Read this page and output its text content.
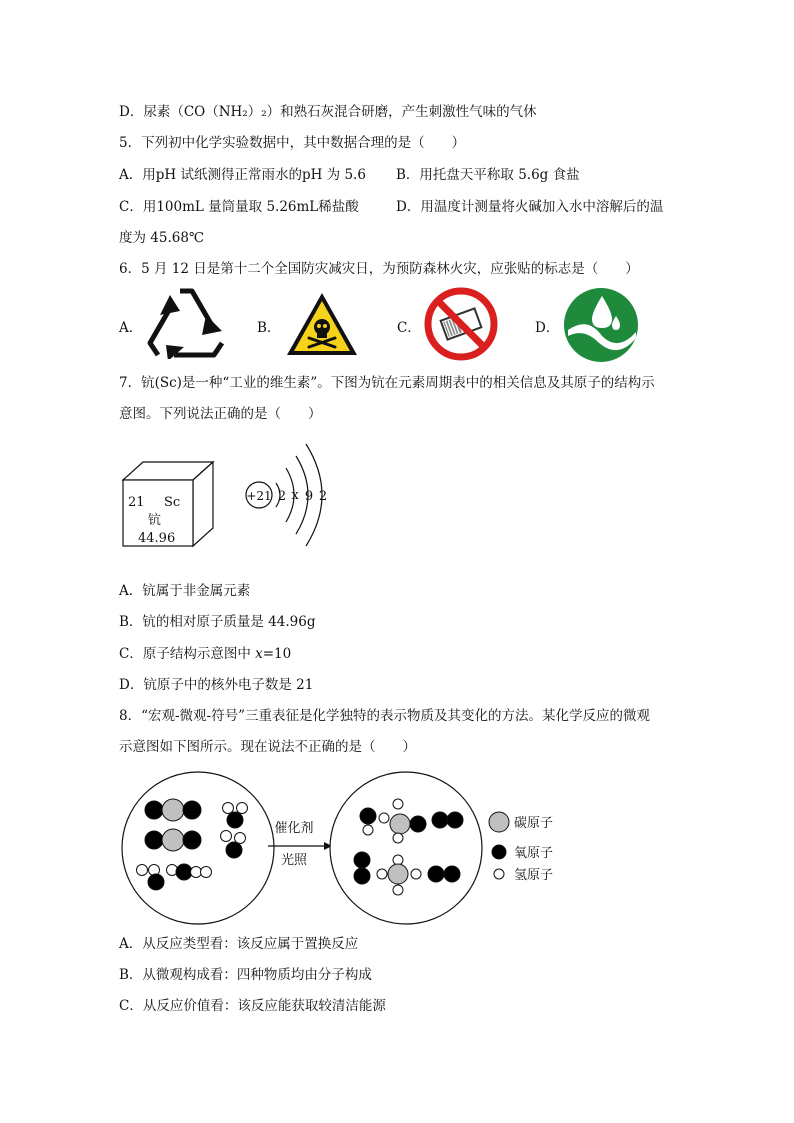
D．尿素（CO（NH₂）₂）和熟石灰混合研磨，产生刺激性气味的气休
5．下列初中化学实验数据中，其中数据合理的是（　　）
A．用pH 试纸测得正常雨水的pH 为 5.6 B．用托盘天平称取 5.6g 食盐
C．用100mL 量筒量取 5.26mL稀盐酸	D．用温度计测量将火碱加入水中溶解后的温
度为 45.68℃
6．5 月 12 日是第十二个全国防灾减灾日，为预防森林火灾，应张贴的标志是（　　）
A．	B．	C．	D．
7．钪(Sc)是一种“工业的维生素”。下图为钪在元素周期表中的相关信息及其原子的结构示
意图。下列说法正确的是（　　）
21 Sc
钪
44.96
+21 2 x 9 2
A．钪属于非金属元素
B．钪的相对原子质量是 44.96g
C．原子结构示意图中 x=10
D．钪原子中的核外电子数是 21
8．“宏观-微观-符号”三重表征是化学独特的表示物质及其变化的方法。某化学反应的微观
示意图如下图所示。现在说法不正确的是（　　）
催化剂
光照
碳原子
氧原子
氢原子
A．从反应类型看：该反应属于置换反应
B．从微观构成看：四种物质均由分子构成
C．从反应价值看：该反应能获取较清洁能源
